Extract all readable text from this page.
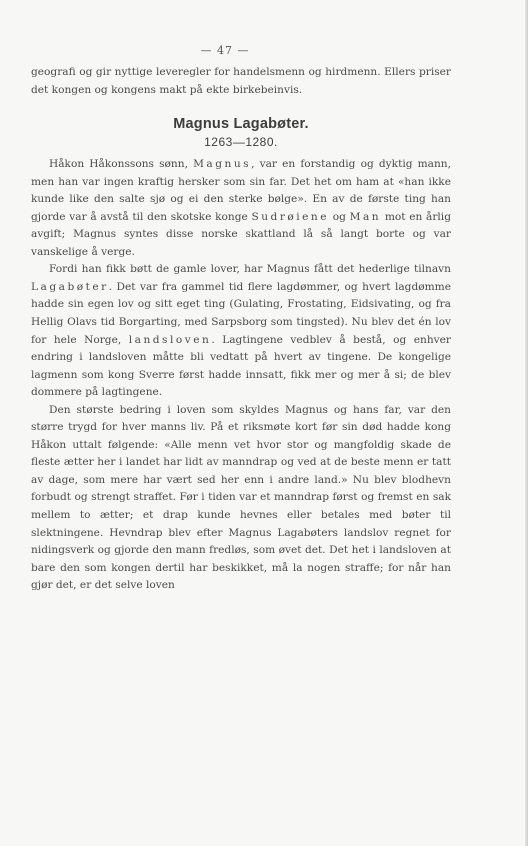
— 47 —

geografi og gir nyttige leveregler for handelsmenn og hirdmenn. Ellers priser det kongen og kongens makt på ekte birkebeinvis.

Magnus Lagabøter.
1263—1280.

Håkon Håkonssons sønn, Magnus, var en forstandig og dyktig mann, men han var ingen kraftig hersker som sin far. Det het om ham at «han ikke kunde like den salte sjø og ei den sterke bølge». En av de første ting han gjorde var å avstå til den skotske konge Sudrøiene og Man mot en årlig avgift; Magnus syntes disse norske skattland lå så langt borte og var vanskelige å verge.

Fordi han fikk bøtt de gamle lover, har Magnus fått det hederlige tilnavn Lagabøter. Det var fra gammel tid flere lagdømmer, og hvert lagdømme hadde sin egen lov og sitt eget ting (Gulating, Frostating, Eidsivating, og fra Hellig Olavs tid Borgarting, med Sarpsborg som tingsted). Nu blev det én lov for hele Norge, landsloven. Lagtingene vedblev å bestå, og enhver endring i landsloven måtte bli vedtatt på hvert av tingene. De kongelige lagmenn som kong Sverre først hadde innsatt, fikk mer og mer å si; de blev dommere på lagtingene.

Den største bedring i loven som skyldes Magnus og hans far, var den større trygd for hver manns liv. På et riksmøte kort før sin død hadde kong Håkon uttalt følgende: «Alle menn vet hvor stor og mangfoldig skade de fleste ætter her i landet har lidt av manndrap og ved at de beste menn er tatt av dage, som mere har vært sed her enn i andre land.» Nu blev blodhevn forbudt og strengt straffet. Før i tiden var et manndrap først og fremst en sak mellem to ætter; et drap kunde hevnes eller betales med bøter til slektningene. Hevndrap blev efter Magnus Lagabøters landslov regnet for nidingsverk og gjorde den mann fredløs, som øvet det. Det het i landsloven at bare den som kongen dertil har beskikket, må la nogen straffe; for når han gjør det, er det selve loven
